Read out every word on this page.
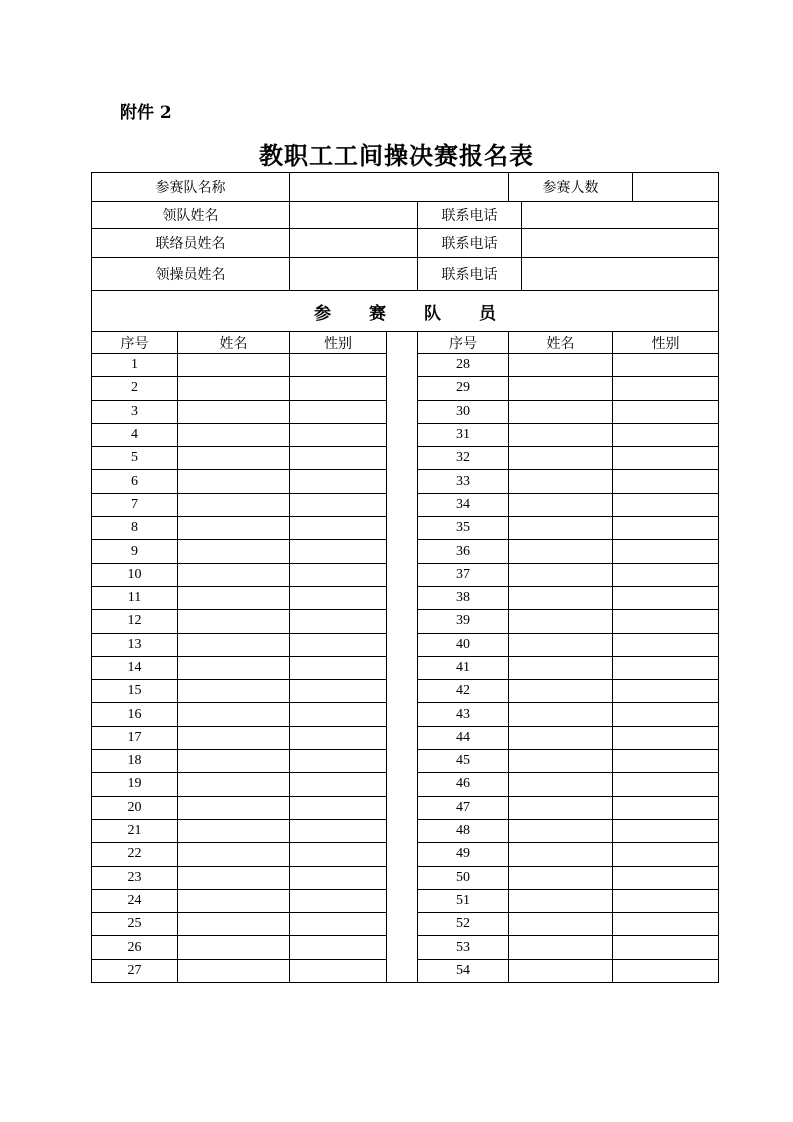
附件 2
教职工工间操决赛报名表
参赛队名称					参赛人数			
领队姓名				联系电话				
联络员姓名				联系电话				
领操员姓名				联系电话				
参 赛 队 员								
序号	姓名	性别		序号	姓名		性别	
1				28				
2				29				
3				30				
4				31				
5				32				
6				33				
7				34				
8				35				
9				36				
10				37				
11				38				
12				39				
13				40				
14				41				
15				42				
16				43				
17				44				
18				45				
19				46				
20				47				
21				48				
22				49				
23				50				
24				51				
25				52				
26				53				
27				54				
